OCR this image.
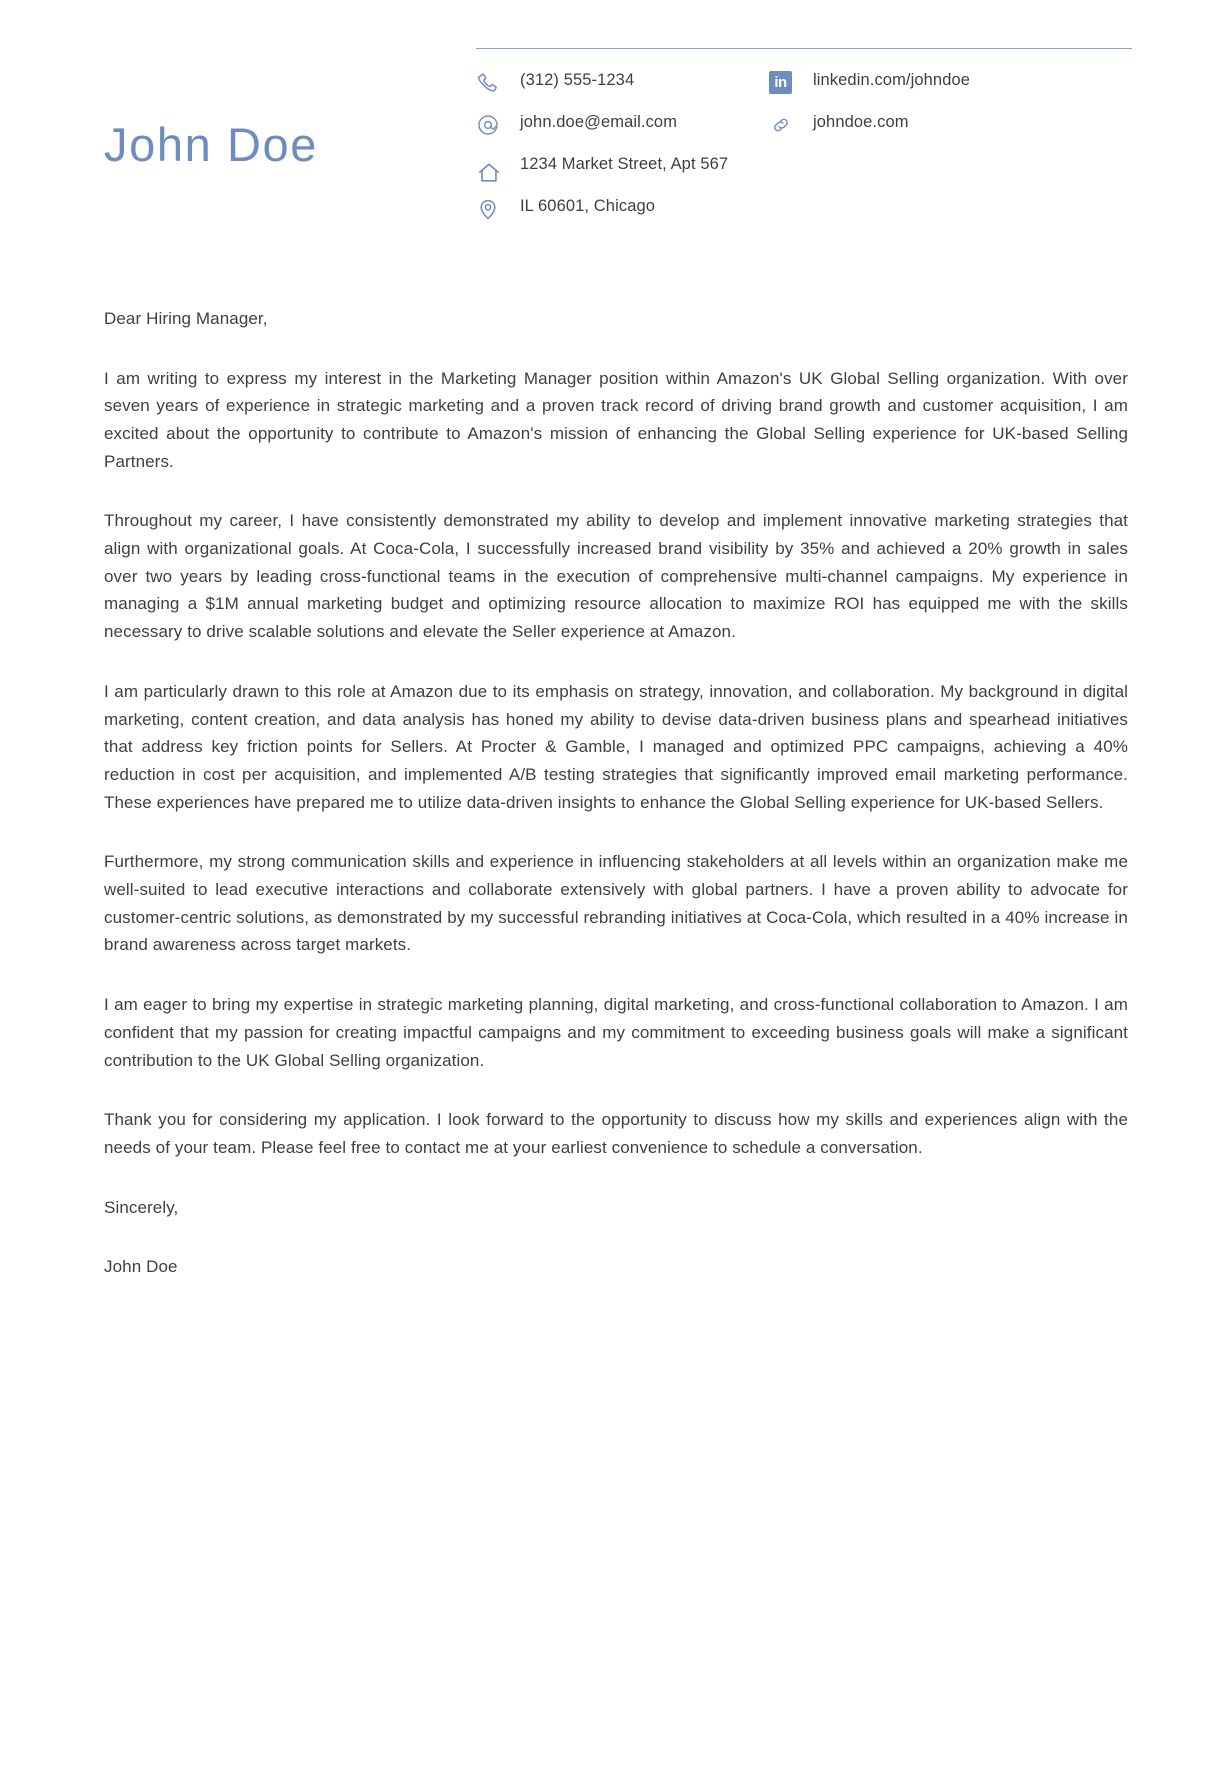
John Doe
(312) 555-1234
john.doe@email.com
1234 Market Street, Apt 567
IL 60601, Chicago
in	linkedin.com/johndoe
johndoe.com
Dear Hiring Manager,

I am writing to express my interest in the Marketing Manager position within Amazon's UK Global Selling organization. With over seven years of experience in strategic marketing and a proven track record of driving brand growth and customer acquisition, I am excited about the opportunity to contribute to Amazon's mission of enhancing the Global Selling experience for UK-based Selling Partners.

Throughout my career, I have consistently demonstrated my ability to develop and implement innovative marketing strategies that align with organizational goals. At Coca-Cola, I successfully increased brand visibility by 35% and achieved a 20% growth in sales over two years by leading cross-functional teams in the execution of comprehensive multi-channel campaigns. My experience in managing a $1M annual marketing budget and optimizing resource allocation to maximize ROI has equipped me with the skills necessary to drive scalable solutions and elevate the Seller experience at Amazon.

I am particularly drawn to this role at Amazon due to its emphasis on strategy, innovation, and collaboration. My background in digital marketing, content creation, and data analysis has honed my ability to devise data-driven business plans and spearhead initiatives that address key friction points for Sellers. At Procter & Gamble, I managed and optimized PPC campaigns, achieving a 40% reduction in cost per acquisition, and implemented A/B testing strategies that significantly improved email marketing performance. These experiences have prepared me to utilize data-driven insights to enhance the Global Selling experience for UK-based Sellers.

Furthermore, my strong communication skills and experience in influencing stakeholders at all levels within an organization make me well-suited to lead executive interactions and collaborate extensively with global partners. I have a proven ability to advocate for customer-centric solutions, as demonstrated by my successful rebranding initiatives at Coca-Cola, which resulted in a 40% increase in brand awareness across target markets.

I am eager to bring my expertise in strategic marketing planning, digital marketing, and cross-functional collaboration to Amazon. I am confident that my passion for creating impactful campaigns and my commitment to exceeding business goals will make a significant contribution to the UK Global Selling organization.

Thank you for considering my application. I look forward to the opportunity to discuss how my skills and experiences align with the needs of your team. Please feel free to contact me at your earliest convenience to schedule a conversation.

Sincerely,
John Doe
